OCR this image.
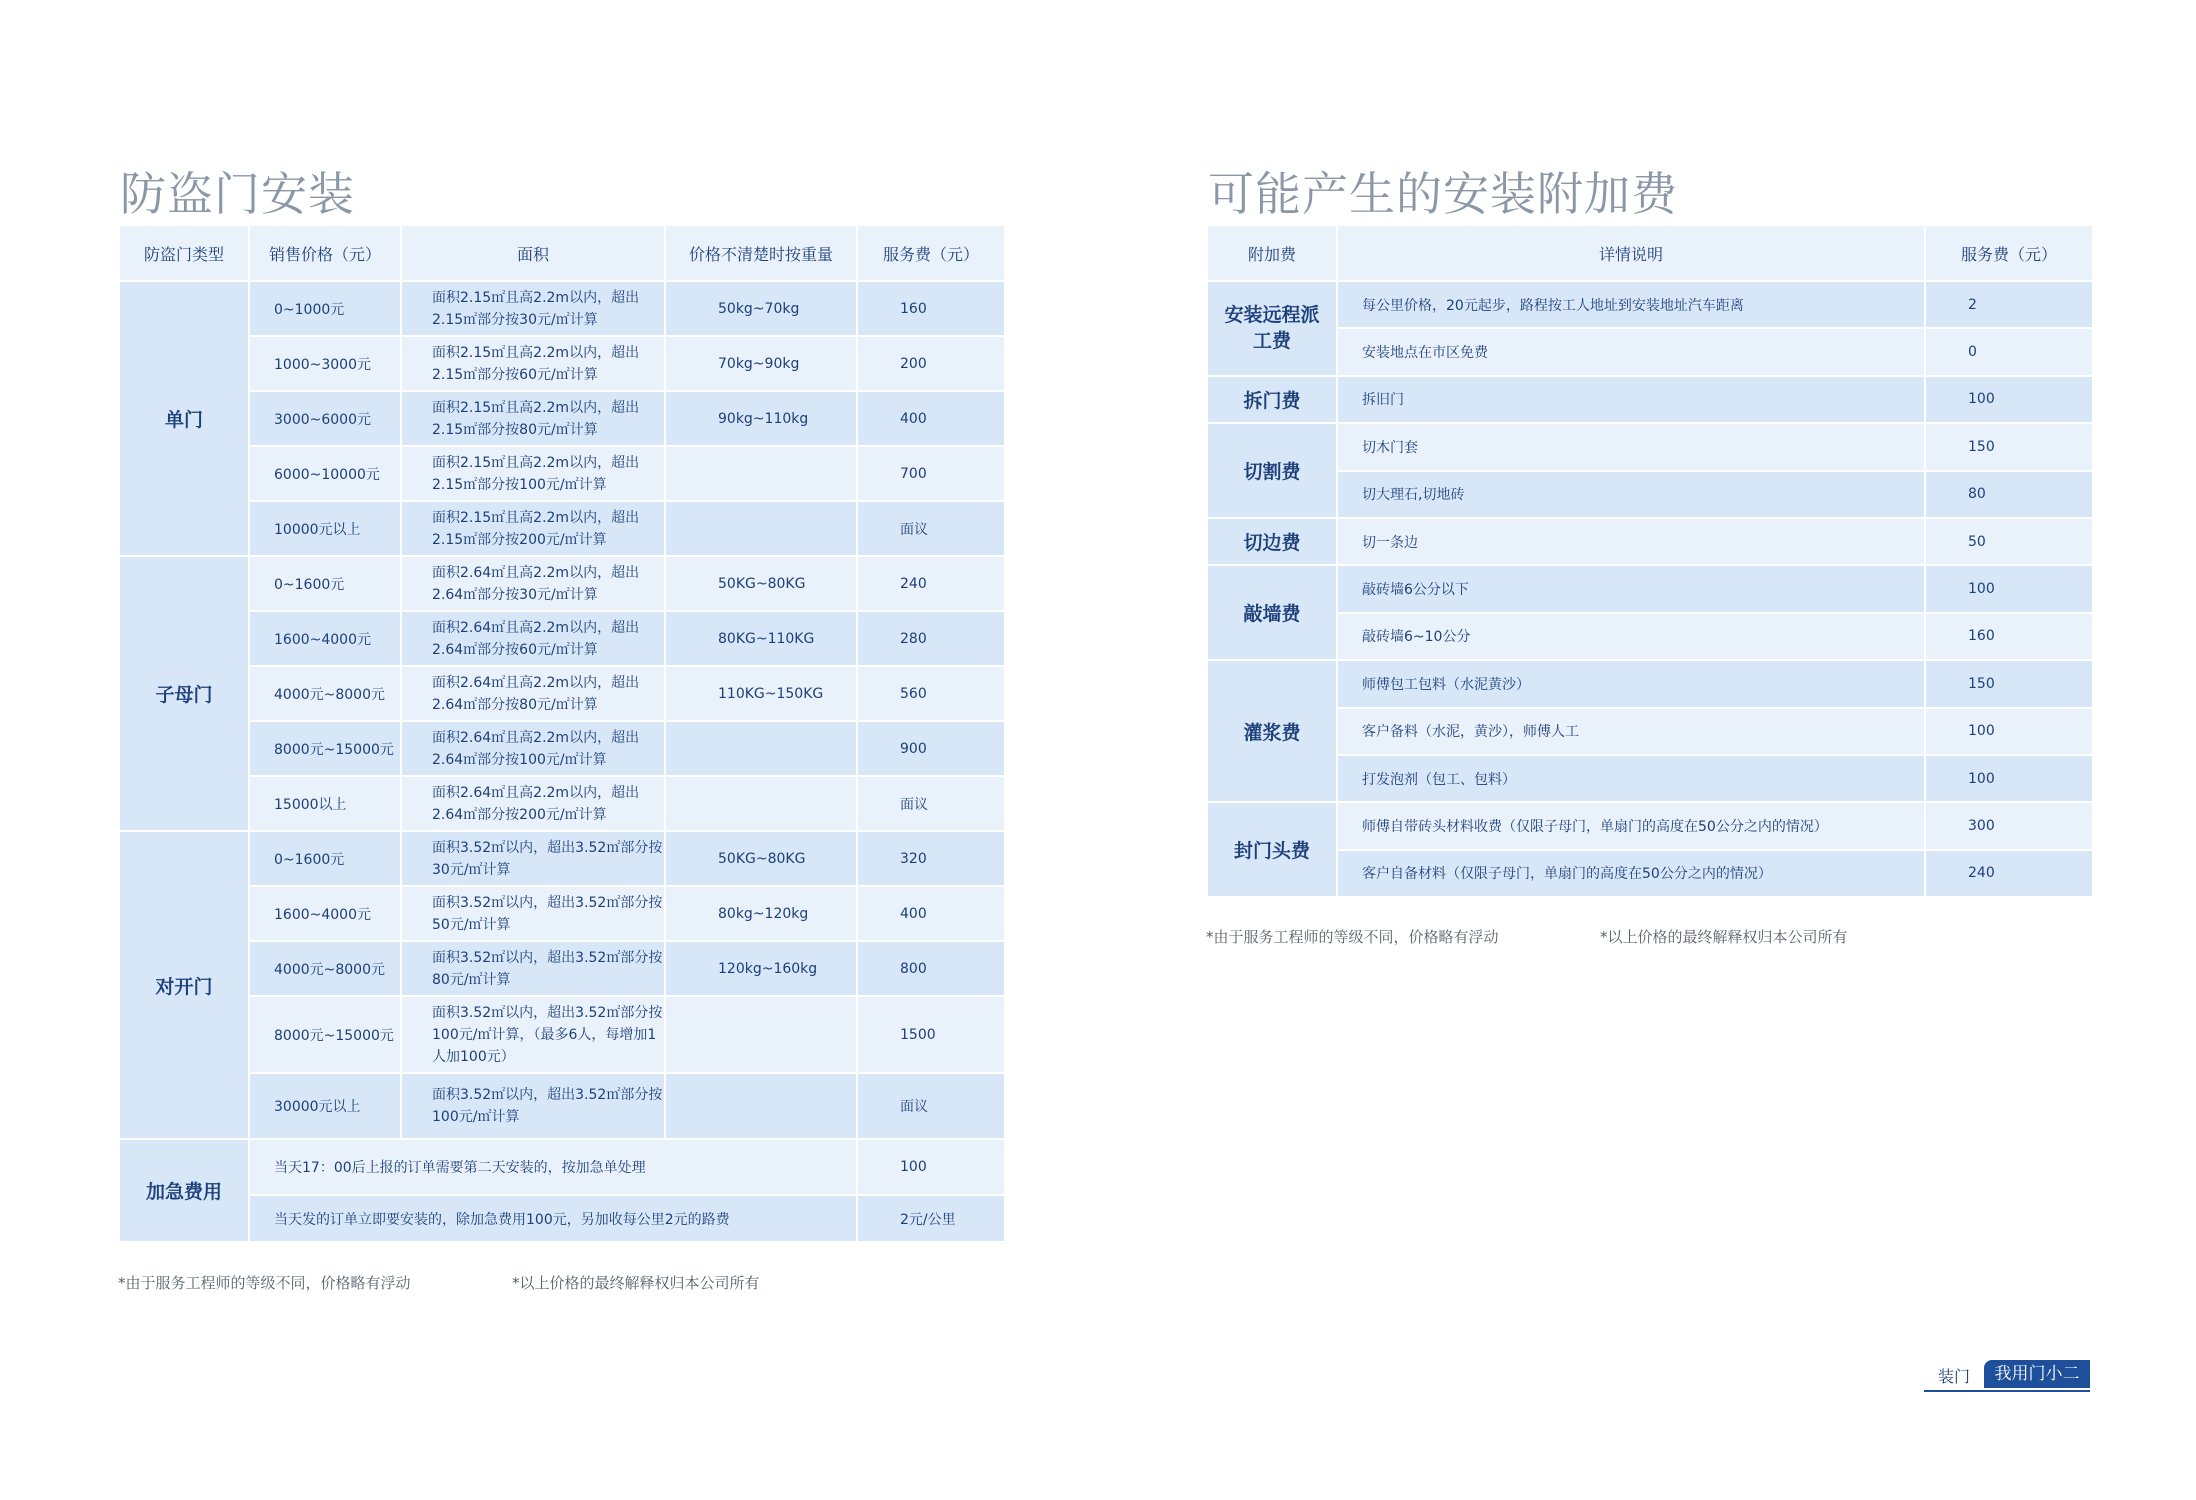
防盗门安装	可能产生的安装附加费
防盗门类型	销售价格（元）	面积	价格不清楚时按重量	服务费（元）
单门	0~1000元	面积2.15㎡且高2.2m以内，超出2.15㎡部分按30元/㎡计算	50kg~70kg	160
	1000~3000元	面积2.15㎡且高2.2m以内，超出2.15㎡部分按60元/㎡计算	70kg~90kg	200
	3000~6000元	面积2.15㎡且高2.2m以内，超出2.15㎡部分按80元/㎡计算	90kg~110kg	400
	6000~10000元	面积2.15㎡且高2.2m以内，超出2.15㎡部分按100元/㎡计算		700
	10000元以上	面积2.15㎡且高2.2m以内，超出2.15㎡部分按200元/㎡计算		面议
子母门	0~1600元	面积2.64㎡且高2.2m以内，超出2.64㎡部分按30元/㎡计算	50KG~80KG	240
	1600~4000元	面积2.64㎡且高2.2m以内，超出2.64㎡部分按60元/㎡计算	80KG~110KG	280
	4000元~8000元	面积2.64㎡且高2.2m以内，超出2.64㎡部分按80元/㎡计算	110KG~150KG	560
	8000元~15000元	面积2.64㎡且高2.2m以内，超出2.64㎡部分按100元/㎡计算		900
	15000以上	面积2.64㎡且高2.2m以内，超出2.64㎡部分按200元/㎡计算		面议
对开门	0~1600元	面积3.52㎡以内，超出3.52㎡部分按30元/㎡计算	50KG~80KG	320
	1600~4000元	面积3.52㎡以内，超出3.52㎡部分按50元/㎡计算	80kg~120kg	400
	4000元~8000元	面积3.52㎡以内，超出3.52㎡部分按80元/㎡计算	120kg~160kg	800
	8000元~15000元	面积3.52㎡以内，超出3.52㎡部分按100元/㎡计算，（最多6人，每增加1人加100元）		1500
	30000元以上	面积3.52㎡以内，超出3.52㎡部分按100元/㎡计算		面议
加急费用	当天17：00后上报的订单需要第二天安装的，按加急单处理			100
	当天发的订单立即要安装的，除加急费用100元，另加收每公里2元的路费			2元/公里
*由于服务工程师的等级不同，价格略有浮动	*以上价格的最终解释权归本公司所有
附加费	详情说明	服务费（元）
安装远程派工费	每公里价格，20元起步，路程按工人地址到安装地址汽车距离	2
	安装地点在市区免费	0
拆门费	拆旧门	100
切割费	切木门套	150
	切大理石,切地砖	80
切边费	切一条边	50
敲墙费	敲砖墙6公分以下	100
	敲砖墙6~10公分	160
灌浆费	师傅包工包料（水泥黄沙）	150
	客户备料（水泥，黄沙），师傅人工	100
	打发泡剂（包工、包料）	100
封门头费	师傅自带砖头材料收费（仅限子母门，单扇门的高度在50公分之内的情况）	300
	客户自备材料（仅限子母门，单扇门的高度在50公分之内的情况）	240
*由于服务工程师的等级不同，价格略有浮动	*以上价格的最终解释权归本公司所有
装门	我用门小二
